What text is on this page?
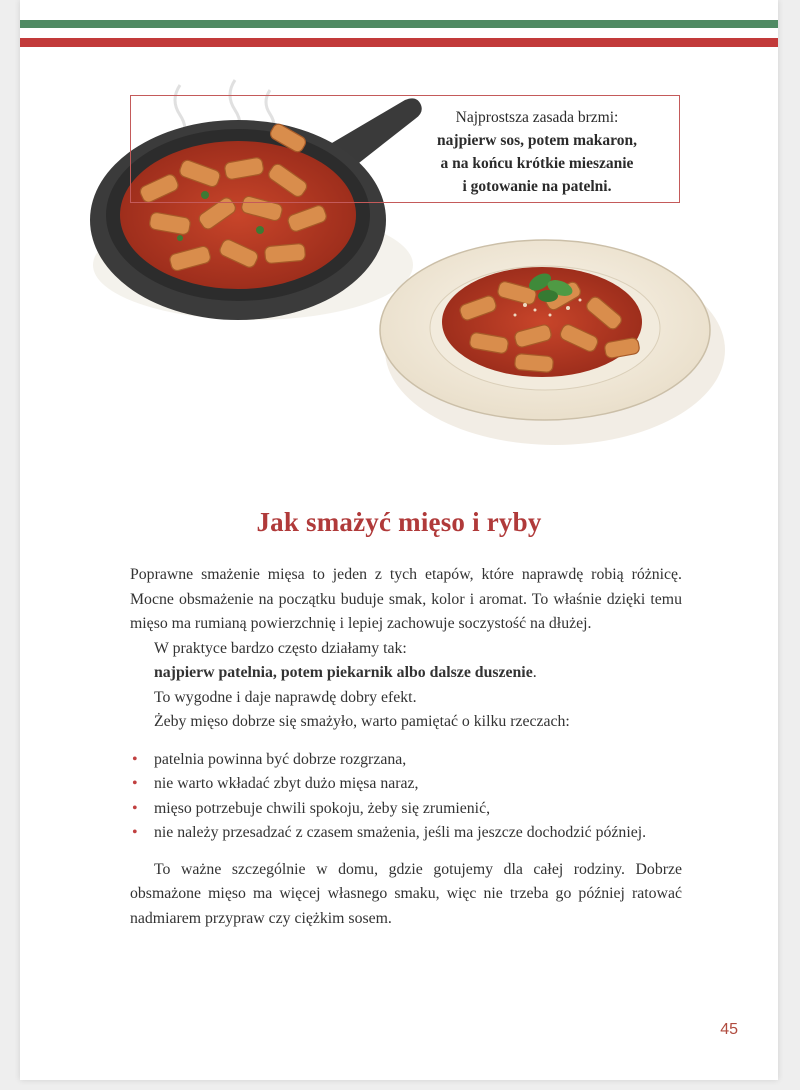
Najprostsza zasada brzmi:
najpierw sos, potem makaron,
a na końcu krótkie mieszanie
i gotowanie na patelni.
Jak smażyć mięso i ryby

Poprawne smażenie mięsa to jeden z tych etapów, które naprawdę robią różnicę. Mocne obsmażenie na początku buduje smak, kolor i aromat. To właśnie dzięki temu mięso ma rumianą powierzchnię i lepiej zachowuje soczystość na dłużej.

W praktyce bardzo często działamy tak:

najpierw patelnia, potem piekarnik albo dalsze duszenie.

To wygodne i daje naprawdę dobry efekt.

Żeby mięso dobrze się smażyło, warto pamiętać o kilku rzeczach:

• patelnia powinna być dobrze rozgrzana,
• nie warto wkładać zbyt dużo mięsa naraz,
• mięso potrzebuje chwili spokoju, żeby się zrumienić,
• nie należy przesadzać z czasem smażenia, jeśli ma jeszcze dochodzić później.

To ważne szczególnie w domu, gdzie gotujemy dla całej rodziny. Dobrze obsmażone mięso ma więcej własnego smaku, więc nie trzeba go później ratować nadmiarem przypraw czy ciężkim sosem.

45
